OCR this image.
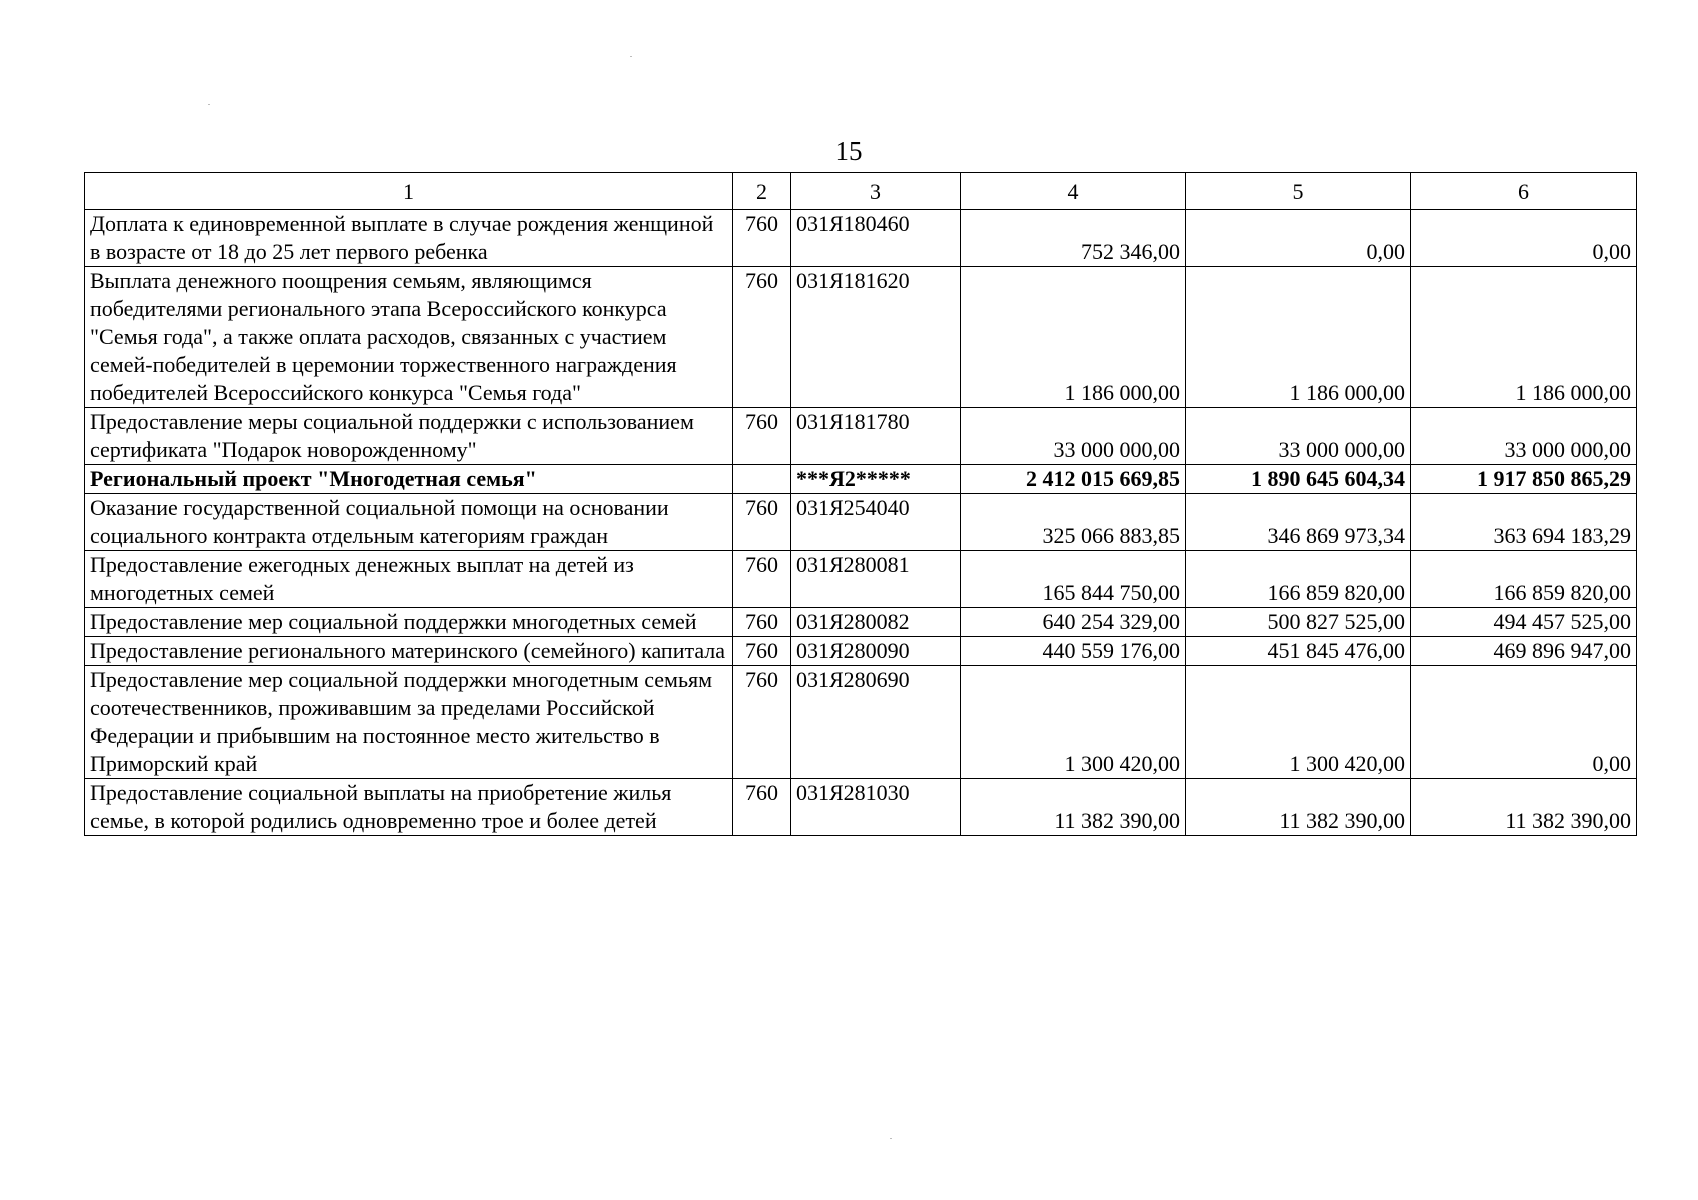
15
1	2	3	4	5	6
Доплата к единовременной выплате в случае рождения женщиной в возрасте от 18 до 25 лет первого ребенка	760	031Я180460	752 346,00	0,00	0,00
Выплата денежного поощрения семьям, являющимся победителями регионального этапа Всероссийского конкурса "Семья года", а также оплата расходов, связанных с участием семей-победителей в церемонии торжественного награждения победителей Всероссийского конкурса "Семья года"	760	031Я181620	1 186 000,00	1 186 000,00	1 186 000,00
Предоставление меры социальной поддержки с использованием сертификата "Подарок новорожденному"	760	031Я181780	33 000 000,00	33 000 000,00	33 000 000,00
Региональный проект "Многодетная семья"		***Я2*****	2 412 015 669,85	1 890 645 604,34	1 917 850 865,29
Оказание государственной социальной помощи на основании социального контракта отдельным категориям граждан	760	031Я254040	325 066 883,85	346 869 973,34	363 694 183,29
Предоставление ежегодных денежных выплат на детей из многодетных семей	760	031Я280081	165 844 750,00	166 859 820,00	166 859 820,00
Предоставление мер социальной поддержки многодетных семей	760	031Я280082	640 254 329,00	500 827 525,00	494 457 525,00
Предоставление регионального материнского (семейного) капитала	760	031Я280090	440 559 176,00	451 845 476,00	469 896 947,00
Предоставление мер социальной поддержки многодетным семьям соотечественников, проживавшим за пределами Российской Федерации и прибывшим на постоянное место жительство в Приморский край	760	031Я280690	1 300 420,00	1 300 420,00	0,00
Предоставление социальной выплаты на приобретение жилья семье, в которой родились одновременно трое и более детей	760	031Я281030	11 382 390,00	11 382 390,00	11 382 390,00
